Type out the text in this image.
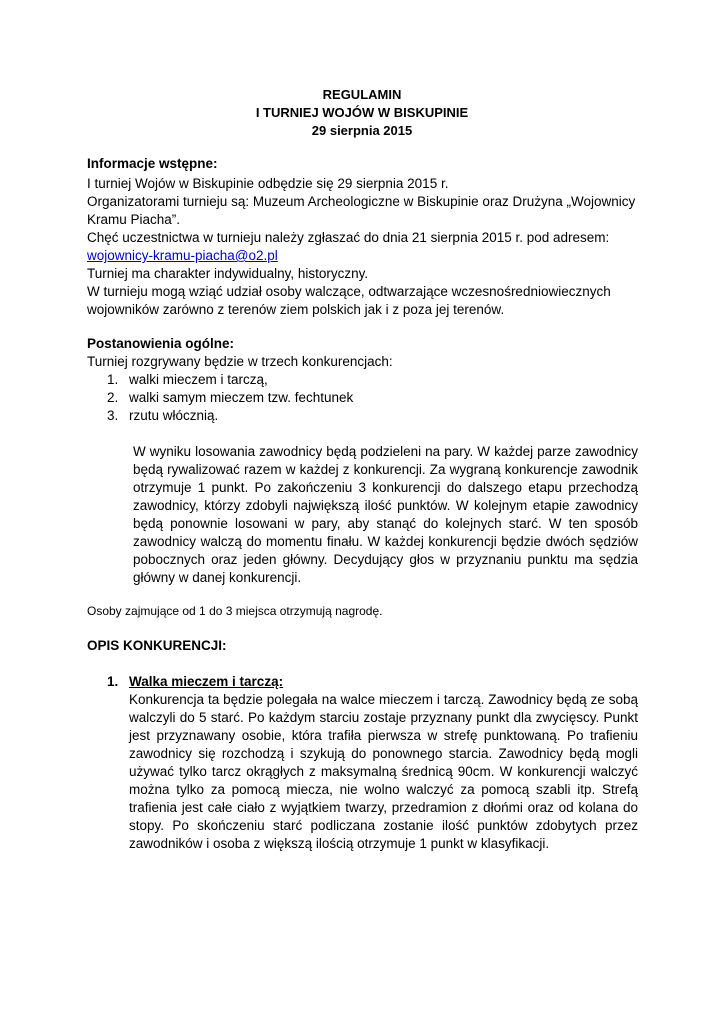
REGULAMIN
I TURNIEJ WOJÓW W BISKUPINIE
29 sierpnia 2015
Informacje wstępne:
I turniej Wojów w Biskupinie odbędzie się 29 sierpnia 2015 r.
Organizatorami turnieju są: Muzeum Archeologiczne w Biskupinie oraz Drużyna „Wojownicy
Kramu Piacha”.
Chęć uczestnictwa w turnieju należy zgłaszać do dnia 21 sierpnia 2015 r. pod adresem:
wojownicy-kramu-piacha@o2.pl
Turniej ma charakter indywidualny, historyczny.
W turnieju mogą wziąć udział osoby walczące, odtwarzające wczesnośredniowiecznych
wojowników zarówno z terenów ziem polskich jak i z poza jej terenów.
Postanowienia ogólne:
Turniej rozgrywany będzie w trzech konkurencjach:
1. walki mieczem i tarczą,
2. walki samym mieczem tzw. fechtunek
3. rzutu włócznią.
W wyniku losowania zawodnicy będą podzieleni na pary. W każdej parze zawodnicy
będą rywalizować razem w każdej z konkurencji. Za wygraną konkurencje zawodnik
otrzymuje 1 punkt. Po zakończeniu 3 konkurencji do dalszego etapu przechodzą
zawodnicy, którzy zdobyli największą ilość punktów. W kolejnym etapie zawodnicy
będą ponownie losowani w pary, aby stanąć do kolejnych starć. W ten sposób
zawodnicy walczą do momentu finału. W każdej konkurencji będzie dwóch sędziów
pobocznych oraz jeden główny. Decydujący głos w przyznaniu punktu ma sędzia
główny w danej konkurencji.
Osoby zajmujące od 1 do 3 miejsca otrzymują nagrodę.
OPIS KONKURENCJI:
1. Walka mieczem i tarczą:
Konkurencja ta będzie polegała na walce mieczem i tarczą. Zawodnicy będą ze sobą
walczyli do 5 starć. Po każdym starciu zostaje przyznany punkt dla zwycięscy. Punkt
jest przyznawany osobie, która trafiła pierwsza w strefę punktowaną. Po trafieniu
zawodnicy się rozchodzą i szykują do ponownego starcia. Zawodnicy będą mogli
używać tylko tarcz okrągłych z maksymalną średnicą 90cm. W konkurencji walczyć
można tylko za pomocą miecza, nie wolno walczyć za pomocą szabli itp. Strefą
trafienia jest całe ciało z wyjątkiem twarzy, przedramion z dłońmi oraz od kolana do
stopy. Po skończeniu starć podliczana zostanie ilość punktów zdobytych przez
zawodników i osoba z większą ilością otrzymuje 1 punkt w klasyfikacji.
